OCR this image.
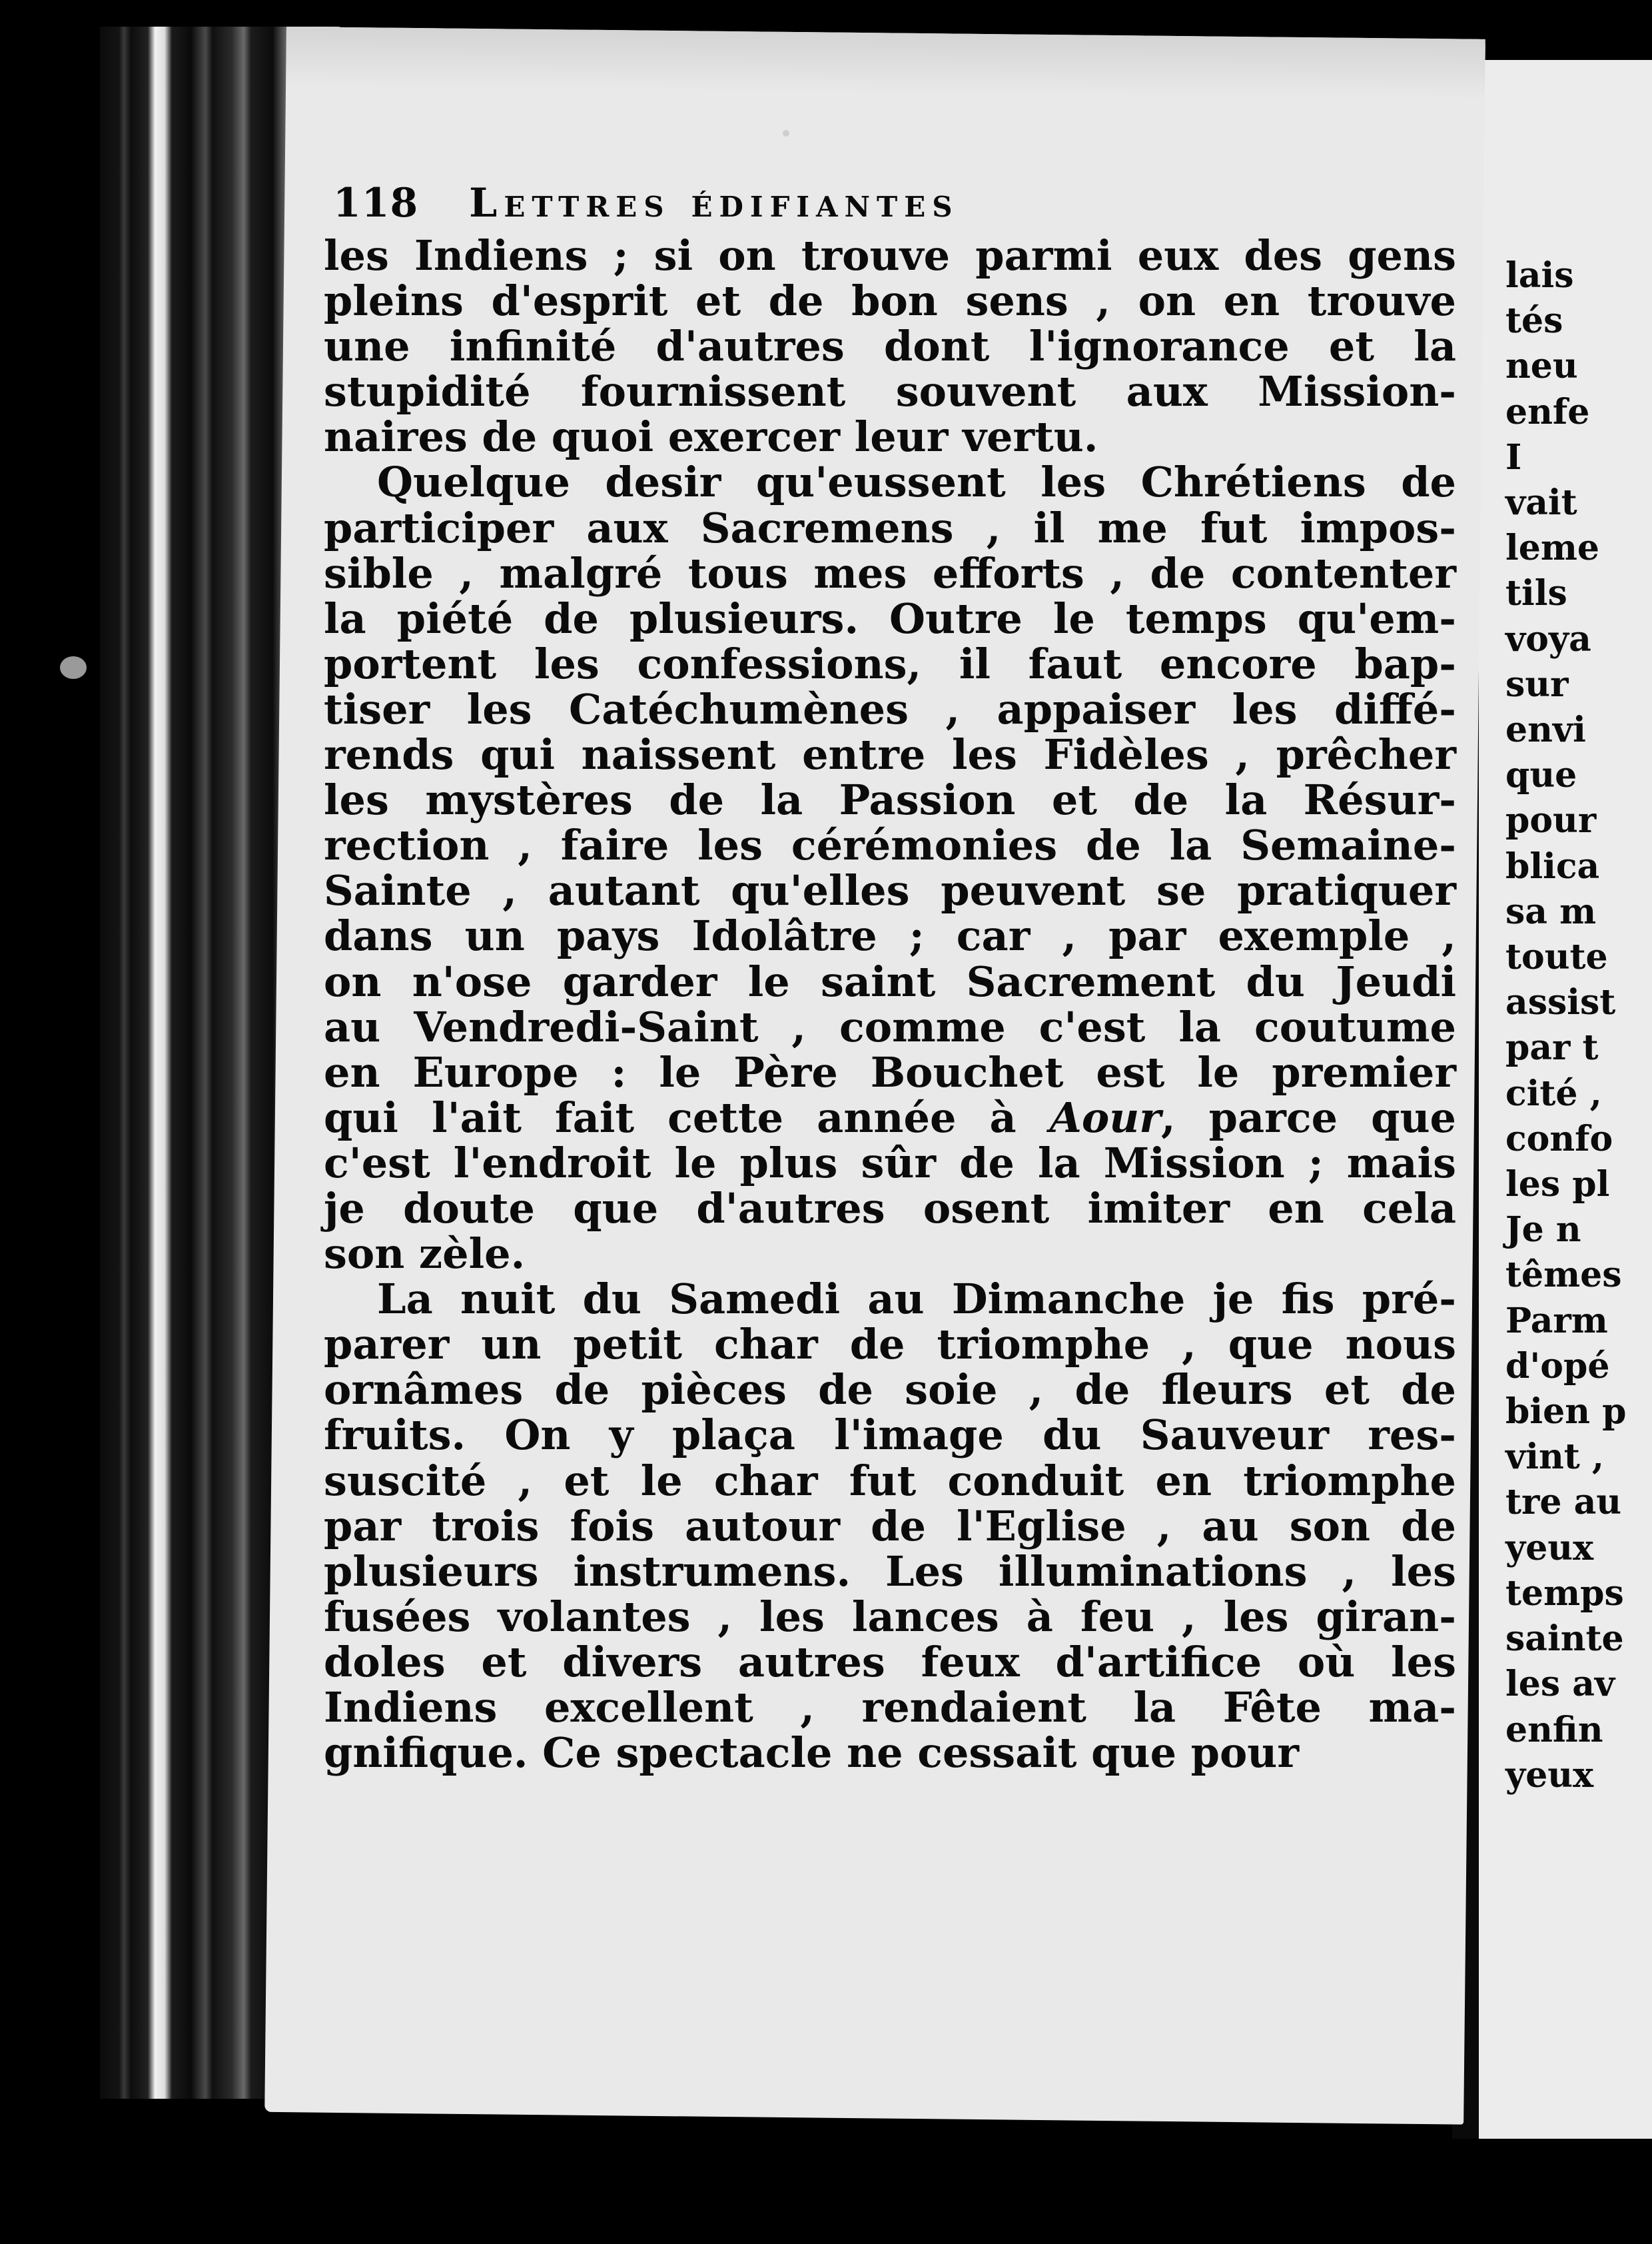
lais
tés
neu
enfe
I
vait
leme
tils
voya
sur
envi
que
pour
blica
sa m
toute
assist
par t
cité ,
confo
les pl
Je n
têmes
Parm
d'opé
bien p
vint ,
tre au
yeux
temps
sainte
les av
enfin
yeux
118 Lettres édifiantes
les Indiens ; si on trouve parmi eux des gens
pleins d'esprit et de bon sens , on en trouve
une infinité d'autres dont l'ignorance et la
stupidité fournissent souvent aux Mission-
naires de quoi exercer leur vertu.
Quelque desir qu'eussent les Chrétiens de
participer aux Sacremens , il me fut impos-
sible , malgré tous mes efforts , de contenter
la piété de plusieurs. Outre le temps qu'em-
portent les confessions, il faut encore bap-
tiser les Catéchumènes , appaiser les diffé-
rends qui naissent entre les Fidèles , prêcher
les mystères de la Passion et de la Résur-
rection , faire les cérémonies de la Semaine-
Sainte , autant qu'elles peuvent se pratiquer
dans un pays Idolâtre ; car , par exemple ,
on n'ose garder le saint Sacrement du Jeudi
au Vendredi-Saint , comme c'est la coutume
en Europe : le Père Bouchet est le premier
qui l'ait fait cette année à Aour, parce que
c'est l'endroit le plus sûr de la Mission ; mais
je doute que d'autres osent imiter en cela
son zèle.
La nuit du Samedi au Dimanche je fis pré-
parer un petit char de triomphe , que nous
ornâmes de pièces de soie , de fleurs et de
fruits. On y plaça l'image du Sauveur res-
suscité , et le char fut conduit en triomphe
par trois fois autour de l'Eglise , au son de
plusieurs instrumens. Les illuminations , les
fusées volantes , les lances à feu , les giran-
doles et divers autres feux d'artifice où les
Indiens excellent , rendaient la Fête ma-
gnifique. Ce spectacle ne cessait que pour
